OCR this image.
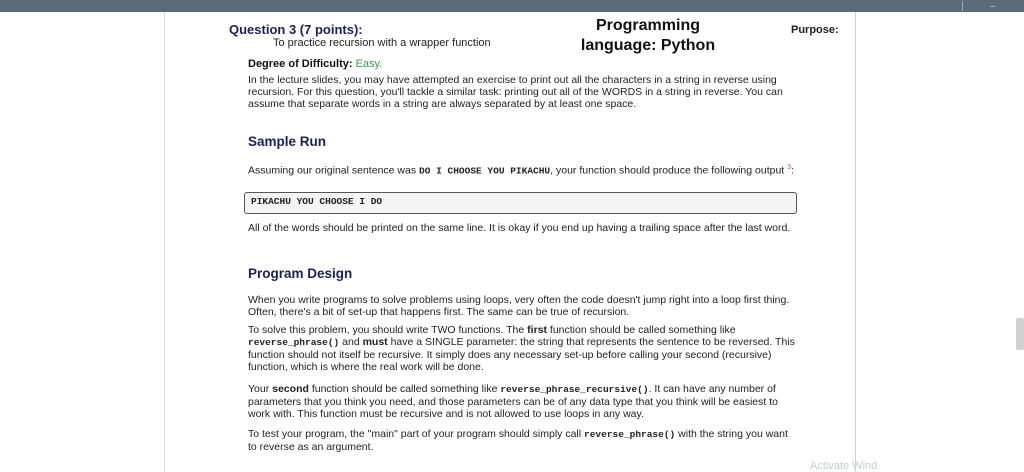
│	─
Question 3 (7 points):
To practice recursion with a wrapper function
Programming language: Python
Purpose:
Degree of Difficulty: Easy.
In the lecture slides, you may have attempted an exercise to print out all the characters in a string in reverse using recursion. For this question, you'll tackle a similar task: printing out all of the WORDS in a string in reverse. You can assume that separate words in a string are always separated by at least one space.
Sample Run
Assuming our original sentence was DO I CHOOSE YOU PIKACHU, your function should produce the following output $^3$:
PIKACHU YOU CHOOSE I DO
All of the words should be printed on the same line. It is okay if you end up having a trailing space after the last word.
Program Design
When you write programs to solve problems using loops, very often the code doesn't jump right into a loop first thing. Often, there's a bit of set-up that happens first. The same can be true of recursion.
To solve this problem, you should write TWO functions. The first function should be called something like reverse_phrase() and must have a SINGLE parameter: the string that represents the sentence to be reversed. This function should not itself be recursive. It simply does any necessary set-up before calling your second (recursive) function, which is where the real work will be done.
Your second function should be called something like reverse_phrase_recursive(). It can have any number of parameters that you think you need, and those parameters can be of any data type that you think will be easiest to work with. This function must be recursive and is not allowed to use loops in any way.
To test your program, the "main" part of your program should simply call reverse_phrase() with the string you want to reverse as an argument.
Activate Wind
